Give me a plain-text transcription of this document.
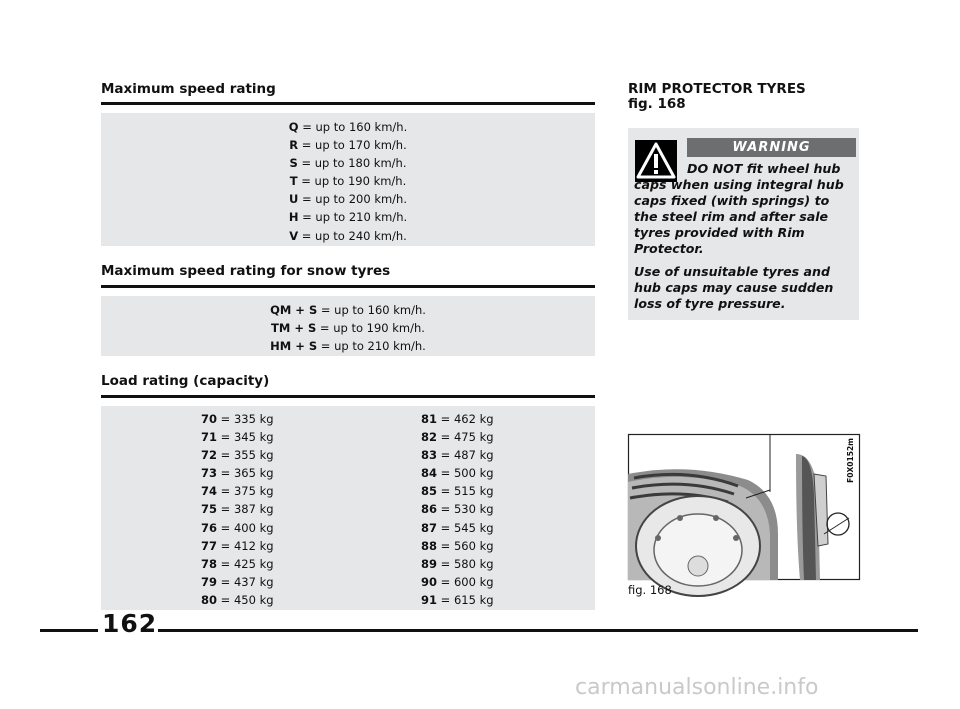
Maximum speed rating
Q = up to 160 km/h.
R = up to 170 km/h.
S = up to 180 km/h.
T = up to 190 km/h.
U = up to 200 km/h.
H = up to 210 km/h.
V = up to 240 km/h.
Maximum speed rating for snow tyres
QM + S = up to 160 km/h.
TM + S = up to 190 km/h.
HM + S = up to 210 km/h.
Load rating (capacity)
70 = 335 kg
71 = 345 kg
72 = 355 kg
73 = 365 kg
74 = 375 kg
75 = 387 kg
76 = 400 kg
77 = 412 kg
78 = 425 kg
79 = 437 kg
80 = 450 kg
81 = 462 kg
82 = 475 kg
83 = 487 kg
84 = 500 kg
85 = 515 kg
86 = 530 kg
87 = 545 kg
88 = 560 kg
89 = 580 kg
90 = 600 kg
91 = 615 kg
RIM PROTECTOR TYRES
fig. 168
WARNING

DO NOT fit wheel hub caps when using integral hub caps fixed (with springs) to the steel rim and after sale tyres provided with Rim Protector.

Use of unsuitable tyres and hub caps may cause sudden loss of tyre pressure.

F0X0152m
fig. 168
162
carmanualsonline.info
